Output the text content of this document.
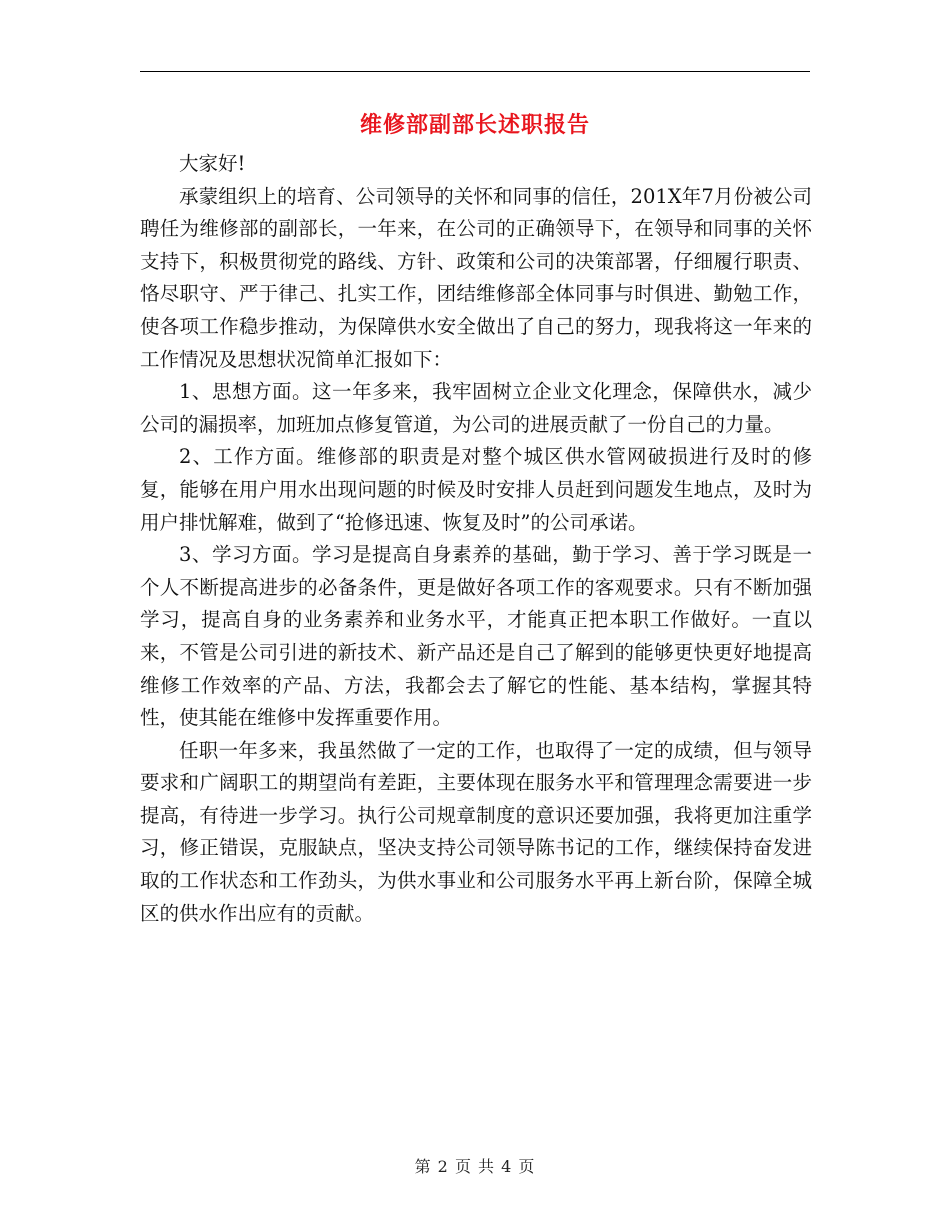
维修部副部长述职报告

大家好!

承蒙组织上的培育、公司领导的关怀和同事的信任，201X年7月份被公司聘任为维修部的副部长，一年来，在公司的正确领导下，在领导和同事的关怀支持下，积极贯彻党的路线、方针、政策和公司的决策部署，仔细履行职责、恪尽职守、严于律己、扎实工作，团结维修部全体同事与时俱进、勤勉工作，使各项工作稳步推动，为保障供水安全做出了自己的努力，现我将这一年来的工作情况及思想状况简单汇报如下：

1、思想方面。这一年多来，我牢固树立企业文化理念，保障供水，减少公司的漏损率，加班加点修复管道，为公司的进展贡献了一份自己的力量。

2、工作方面。维修部的职责是对整个城区供水管网破损进行及时的修复，能够在用户用水出现问题的时候及时安排人员赶到问题发生地点，及时为用户排忧解难，做到了“抢修迅速、恢复及时”的公司承诺。

3、学习方面。学习是提高自身素养的基础，勤于学习、善于学习既是一个人不断提高进步的必备条件，更是做好各项工作的客观要求。只有不断加强学习，提高自身的业务素养和业务水平，才能真正把本职工作做好。一直以来，不管是公司引进的新技术、新产品还是自己了解到的能够更快更好地提高维修工作效率的产品、方法，我都会去了解它的性能、基本结构，掌握其特性，使其能在维修中发挥重要作用。

任职一年多来，我虽然做了一定的工作，也取得了一定的成绩，但与领导要求和广阔职工的期望尚有差距，主要体现在服务水平和管理理念需要进一步提高，有待进一步学习。执行公司规章制度的意识还要加强，我将更加注重学习，修正错误，克服缺点，坚决支持公司领导陈书记的工作，继续保持奋发进取的工作状态和工作劲头，为供水事业和公司服务水平再上新台阶，保障全城区的供水作出应有的贡献。

第 2 页 共 4 页
